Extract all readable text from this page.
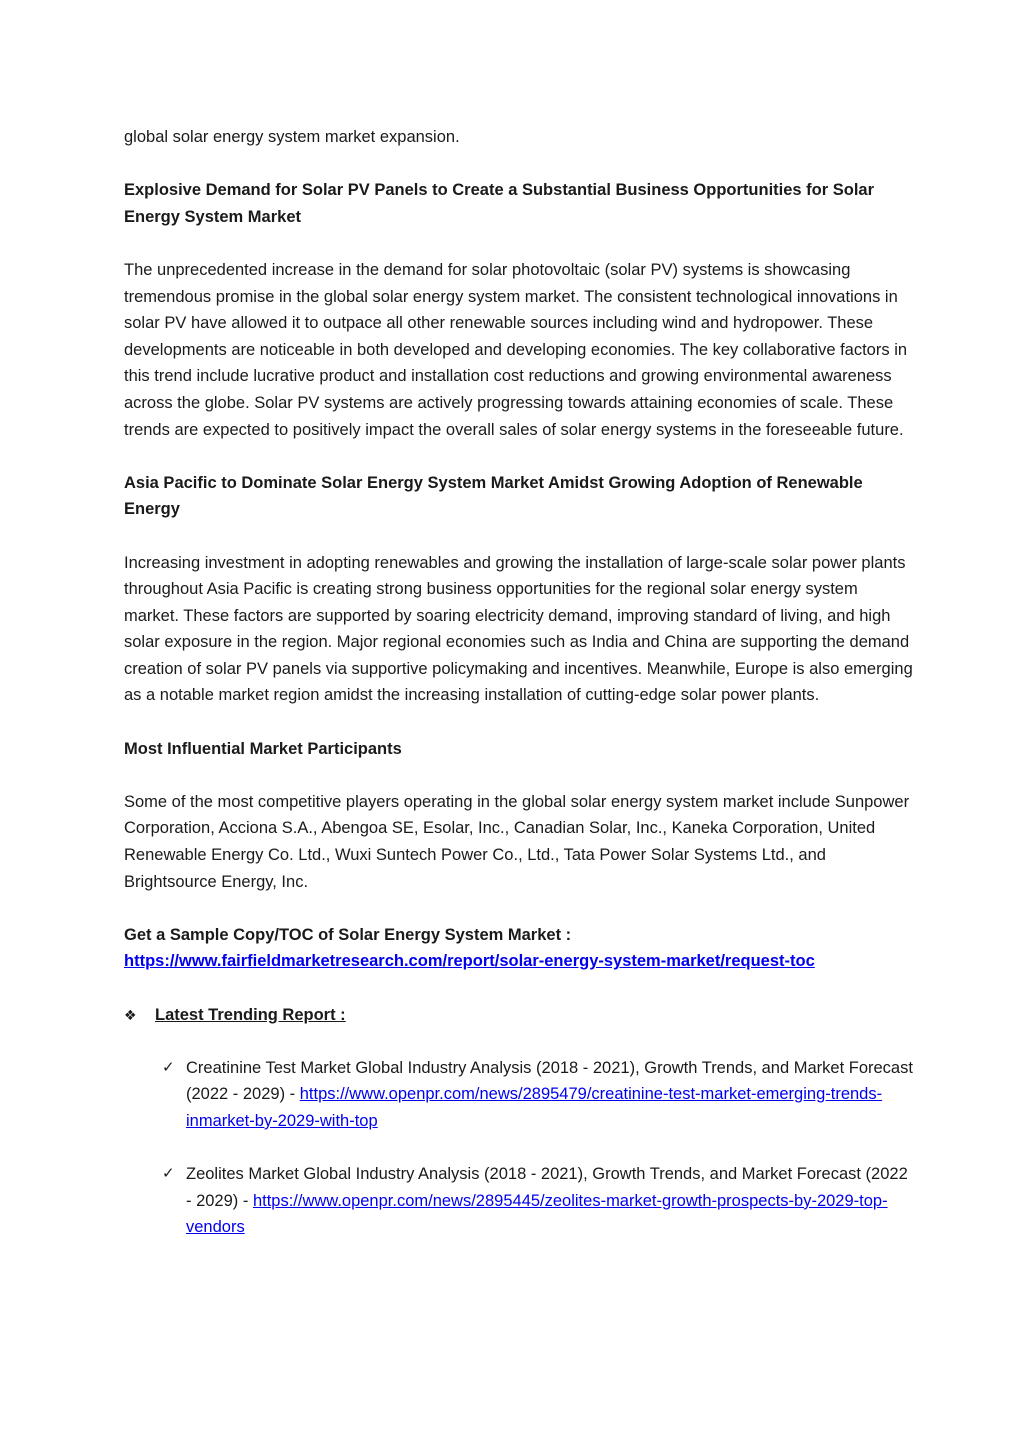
global solar energy system market expansion.

Explosive Demand for Solar PV Panels to Create a Substantial Business Opportunities for Solar Energy System Market

The unprecedented increase in the demand for solar photovoltaic (solar PV) systems is showcasing tremendous promise in the global solar energy system market. The consistent technological innovations in solar PV have allowed it to outpace all other renewable sources including wind and hydropower. These developments are noticeable in both developed and developing economies. The key collaborative factors in this trend include lucrative product and installation cost reductions and growing environmental awareness across the globe. Solar PV systems are actively progressing towards attaining economies of scale. These trends are expected to positively impact the overall sales of solar energy systems in the foreseeable future.

Asia Pacific to Dominate Solar Energy System Market Amidst Growing Adoption of Renewable Energy

Increasing investment in adopting renewables and growing the installation of large-scale solar power plants throughout Asia Pacific is creating strong business opportunities for the regional solar energy system market. These factors are supported by soaring electricity demand, improving standard of living, and high solar exposure in the region. Major regional economies such as India and China are supporting the demand creation of solar PV panels via supportive policymaking and incentives. Meanwhile, Europe is also emerging as a notable market region amidst the increasing installation of cutting-edge solar power plants.

Most Influential Market Participants

Some of the most competitive players operating in the global solar energy system market include Sunpower Corporation, Acciona S.A., Abengoa SE, Esolar, Inc., Canadian Solar, Inc., Kaneka Corporation, United Renewable Energy Co. Ltd., Wuxi Suntech Power Co., Ltd., Tata Power Solar Systems Ltd., and Brightsource Energy, Inc.

Get a Sample Copy/TOC of Solar Energy System Market :
https://www.fairfieldmarketresearch.com/report/solar-energy-system-market/request-toc

❖	Latest Trending Report :
✓ Creatinine Test Market Global Industry Analysis (2018 - 2021), Growth Trends, and Market Forecast (2022 - 2029) - https://www.openpr.com/news/2895479/creatinine-test-market-emerging-trends-inmarket-by-2029-with-top
✓ Zeolites Market Global Industry Analysis (2018 - 2021), Growth Trends, and Market Forecast (2022 - 2029) - https://www.openpr.com/news/2895445/zeolites-market-growth-prospects-by-2029-top-vendors
